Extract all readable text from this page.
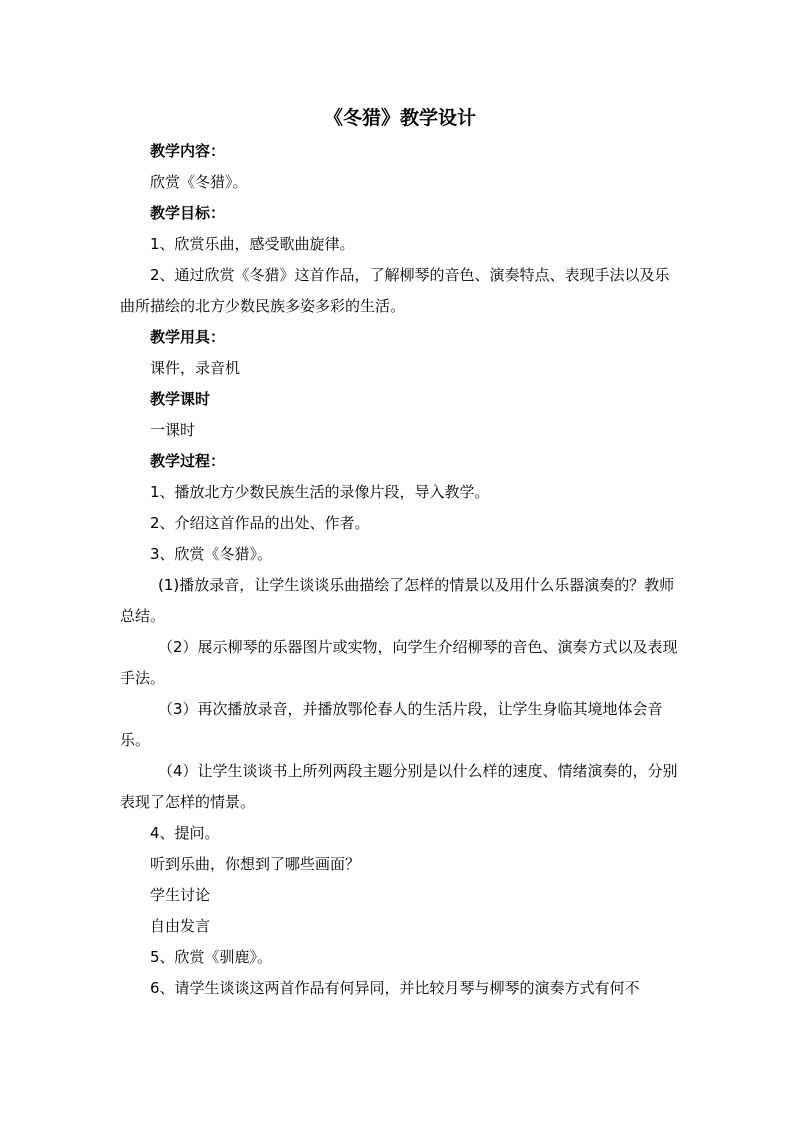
《冬猎》教学设计

教学内容：

欣赏《冬猎》。

教学目标：

1、欣赏乐曲，感受歌曲旋律。

2、通过欣赏《冬猎》这首作品，了解柳琴的音色、演奏特点、表现手法以及乐曲所描绘的北方少数民族多姿多彩的生活。

教学用具：

课件，录音机

教学课时

一课时

教学过程：

1、播放北方少数民族生活的录像片段，导入教学。

2、介绍这首作品的出处、作者。

3、欣赏《冬猎》。

(1)播放录音，让学生谈谈乐曲描绘了怎样的情景以及用什么乐器演奏的？教师总结。

（2）展示柳琴的乐器图片或实物，向学生介绍柳琴的音色、演奏方式以及表现手法。

（3）再次播放录音，并播放鄂伦春人的生活片段，让学生身临其境地体会音乐。

（4）让学生谈谈书上所列两段主题分别是以什么样的速度、情绪演奏的，分别表现了怎样的情景。

4、提问。

听到乐曲，你想到了哪些画面？

学生讨论

自由发言

5、欣赏《驯鹿》。

6、请学生谈谈这两首作品有何异同，并比较月琴与柳琴的演奏方式有何不
